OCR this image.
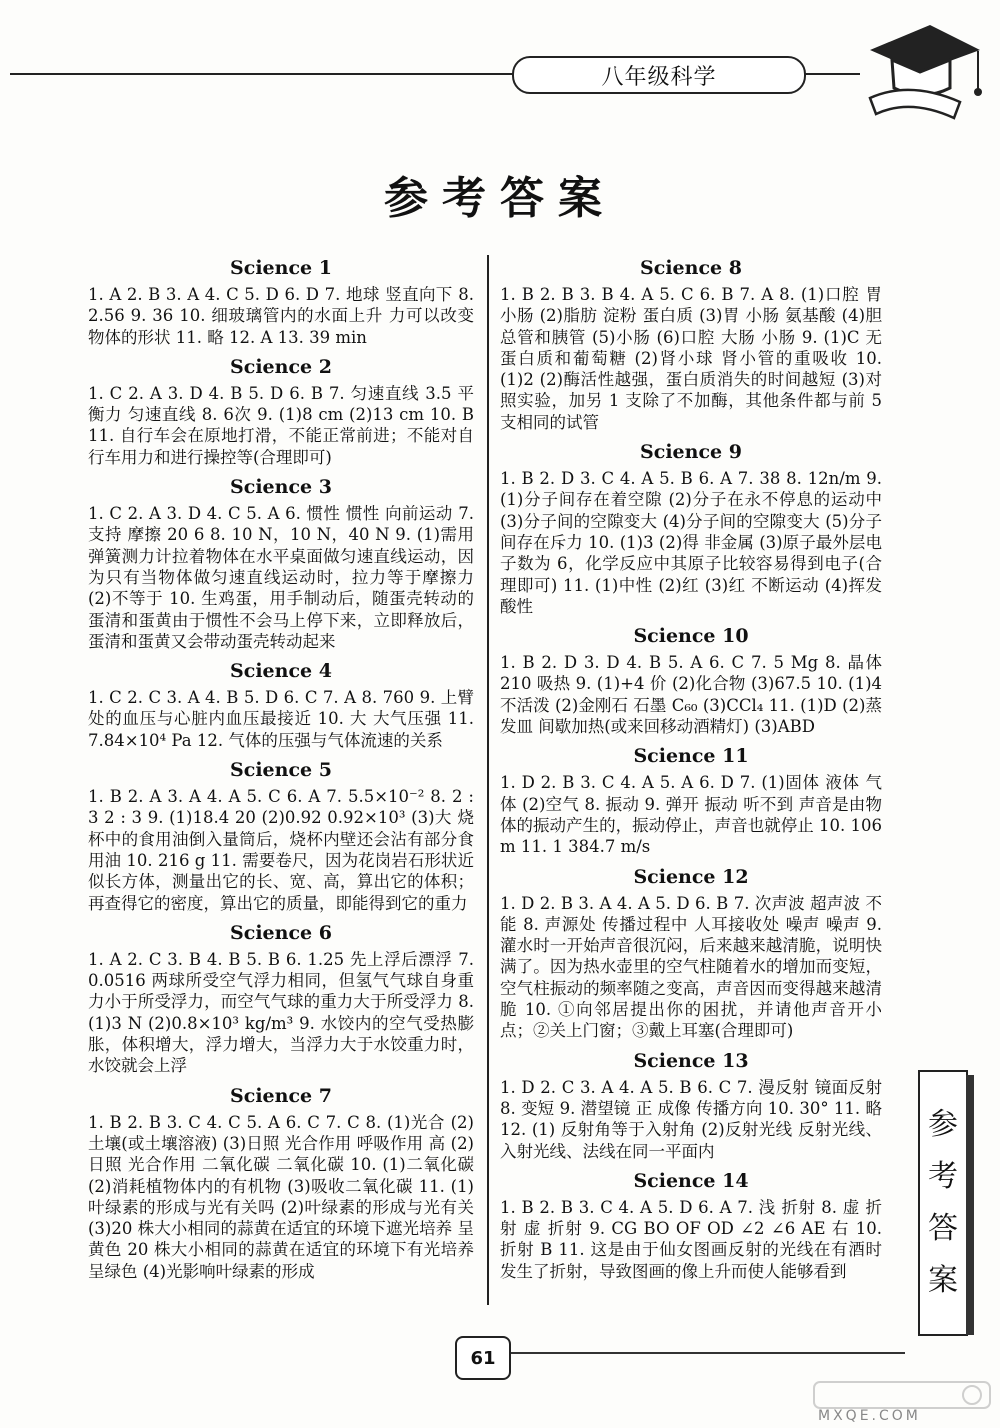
八年级科学
参考答案
Science 1

1. A 2. B 3. A 4. C 5. D 6. D 7. 地球 竖直向下 8. 2.56 9. 36 10. 细玻璃管内的水面上升 力可以改变物体的形状 11. 略 12. A 13. 39 min

Science 2

1. C 2. A 3. D 4. B 5. D 6. B 7. 匀速直线 3.5 平衡力 匀速直线 8. 6次 9. (1)8 cm (2)13 cm 10. B 11. 自行车会在原地打滑，不能正常前进；不能对自行车用力和进行操控等(合理即可)

Science 3

1. C 2. A 3. D 4. C 5. A 6. 惯性 惯性 向前运动 7. 支持 摩擦 20 6 8. 10 N，10 N，40 N 9. (1)需用弹簧测力计拉着物体在水平桌面做匀速直线运动，因为只有当物体做匀速直线运动时，拉力等于摩擦力 (2)不等于 10. 生鸡蛋，用手制动后，随蛋壳转动的蛋清和蛋黄由于惯性不会马上停下来，立即释放后，蛋清和蛋黄又会带动蛋壳转动起来

Science 4

1. C 2. C 3. A 4. B 5. D 6. C 7. A 8. 760 9. 上臂处的血压与心脏内血压最接近 10. 大 大气压强 11. 7.84×10⁴ Pa 12. 气体的压强与气体流速的关系

Science 5

1. B 2. A 3. A 4. A 5. C 6. A 7. 5.5×10⁻² 8. 2 : 3 2 : 3 9. (1)18.4 20 (2)0.92 0.92×10³ (3)大 烧杯中的食用油倒入量筒后，烧杯内壁还会沾有部分食用油 10. 216 g 11. 需要卷尺，因为花岗岩石形状近似长方体，测量出它的长、宽、高，算出它的体积；再查得它的密度，算出它的质量，即能得到它的重力

Science 6

1. A 2. C 3. B 4. B 5. B 6. 1.25 先上浮后漂浮 7. 0.0516 两球所受空气浮力相同，但氢气气球自身重力小于所受浮力，而空气气球的重力大于所受浮力 8. (1)3 N (2)0.8×10³ kg/m³ 9. 水饺内的空气受热膨胀，体积增大，浮力增大，当浮力大于水饺重力时，水饺就会上浮

Science 7

1. B 2. B 3. C 4. C 5. A 6. C 7. C 8. (1)光合 (2)土壤(或土壤溶液) (3)日照 光合作用 呼吸作用 高 (2)日照 光合作用 二氧化碳 二氧化碳 10. (1)二氧化碳 (2)消耗植物体内的有机物 (3)吸收二氧化碳 11. (1)叶绿素的形成与光有关吗 (2)叶绿素的形成与光有关 (3)20 株大小相同的蒜黄在适宜的环境下遮光培养 呈黄色 20 株大小相同的蒜黄在适宜的环境下有光培养 呈绿色 (4)光影响叶绿素的形成

Science 8

1. B 2. B 3. B 4. A 5. C 6. B 7. A 8. (1)口腔 胃 小肠 (2)脂肪 淀粉 蛋白质 (3)胃 小肠 氨基酸 (4)胆总管和胰管 (5)小肠 (6)口腔 大肠 小肠 9. (1)C 无蛋白质和葡萄糖 (2)肾小球 肾小管的重吸收 10. (1)2 (2)酶活性越强，蛋白质消失的时间越短 (3)对照实验，加另 1 支除了不加酶，其他条件都与前 5 支相同的试管

Science 9

1. B 2. D 3. C 4. A 5. B 6. A 7. 38 8. 12n/m 9. (1)分子间存在着空隙 (2)分子在永不停息的运动中 (3)分子间的空隙变大 (4)分子间的空隙变大 (5)分子间存在斥力 10. (1)3 (2)得 非金属 (3)原子最外层电子数为 6，化学反应中其原子比较容易得到电子(合理即可) 11. (1)中性 (2)红 (3)红 不断运动 (4)挥发 酸性

Science 10

1. B 2. D 3. D 4. B 5. A 6. C 7. 5 Mg 8. 晶体 210 吸热 9. (1)+4 价 (2)化合物 (3)67.5 10. (1)4 不活泼 (2)金刚石 石墨 C₆₀ (3)CCl₄ 11. (1)D (2)蒸发皿 间歇加热(或来回移动酒精灯) (3)ABD

Science 11

1. D 2. B 3. C 4. A 5. A 6. D 7. (1)固体 液体 气体 (2)空气 8. 振动 9. 弹开 振动 听不到 声音是由物体的振动产生的，振动停止，声音也就停止 10. 106 m 11. 1 384.7 m/s

Science 12

1. D 2. B 3. A 4. A 5. D 6. B 7. 次声波 超声波 不能 8. 声源处 传播过程中 人耳接收处 噪声 噪声 9. 灌水时一开始声音很沉闷，后来越来越清脆，说明快满了。因为热水壶里的空气柱随着水的增加而变短，空气柱振动的频率随之变高，声音因而变得越来越清脆 10. ①向邻居提出你的困扰，并请他声音开小点；②关上门窗；③戴上耳塞(合理即可)

Science 13

1. D 2. C 3. A 4. A 5. B 6. C 7. 漫反射 镜面反射 8. 变短 9. 潜望镜 正 成像 传播方向 10. 30° 11. 略 12. (1) 反射角等于入射角 (2)反射光线 反射光线、入射光线、法线在同一平面内

Science 14

1. B 2. B 3. C 4. A 5. D 6. A 7. 浅 折射 8. 虚 折射 虚 折射 9. CG BO OF OD ∠2 ∠6 AE 右 10. 折射 B 11. 这是由于仙女图画反射的光线在有酒时发生了折射，导致图画的像上升而使人能够看到

参考答案
61
MXQE.COM
